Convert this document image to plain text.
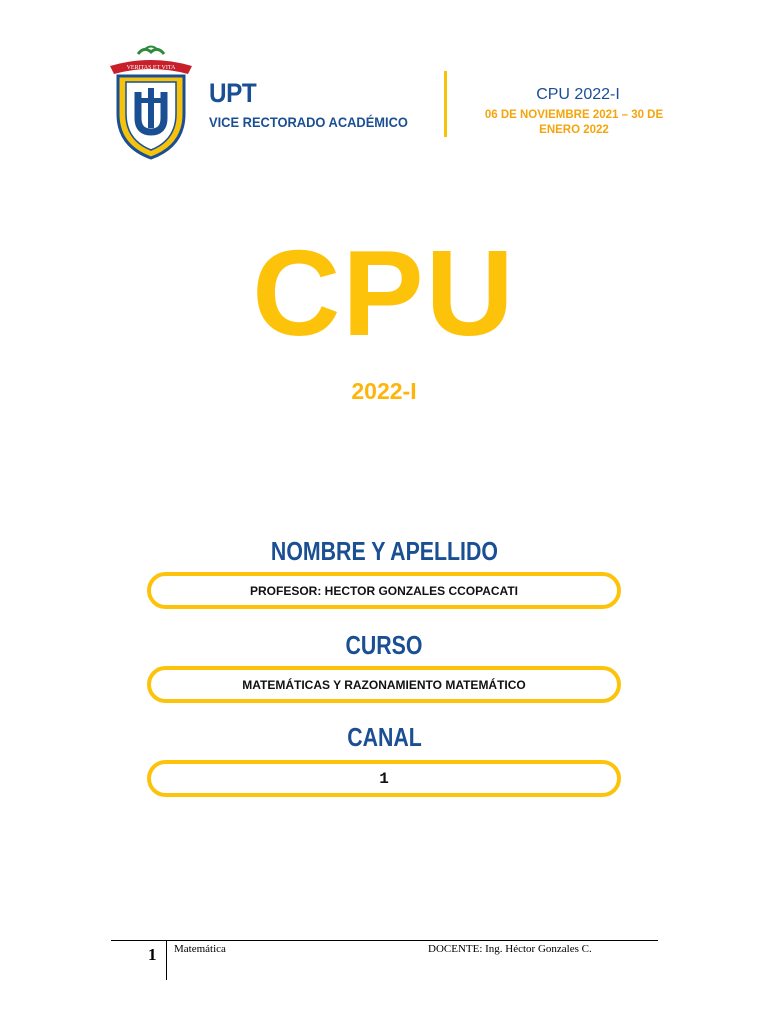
VERITAS ET VITA
UPT
VICE RECTORADO ACADÉMICO
CPU 2022-I
06 DE NOVIEMBRE 2021 – 30 DE
ENERO 2022
CPU
2022-I
NOMBRE Y APELLIDO
PROFESOR: HECTOR GONZALES CCOPACATI
CURSO
MATEMÁTICAS Y RAZONAMIENTO MATEMÁTICO
CANAL
1
1 Matemática	DOCENTE: Ing. Héctor Gonzales C.
